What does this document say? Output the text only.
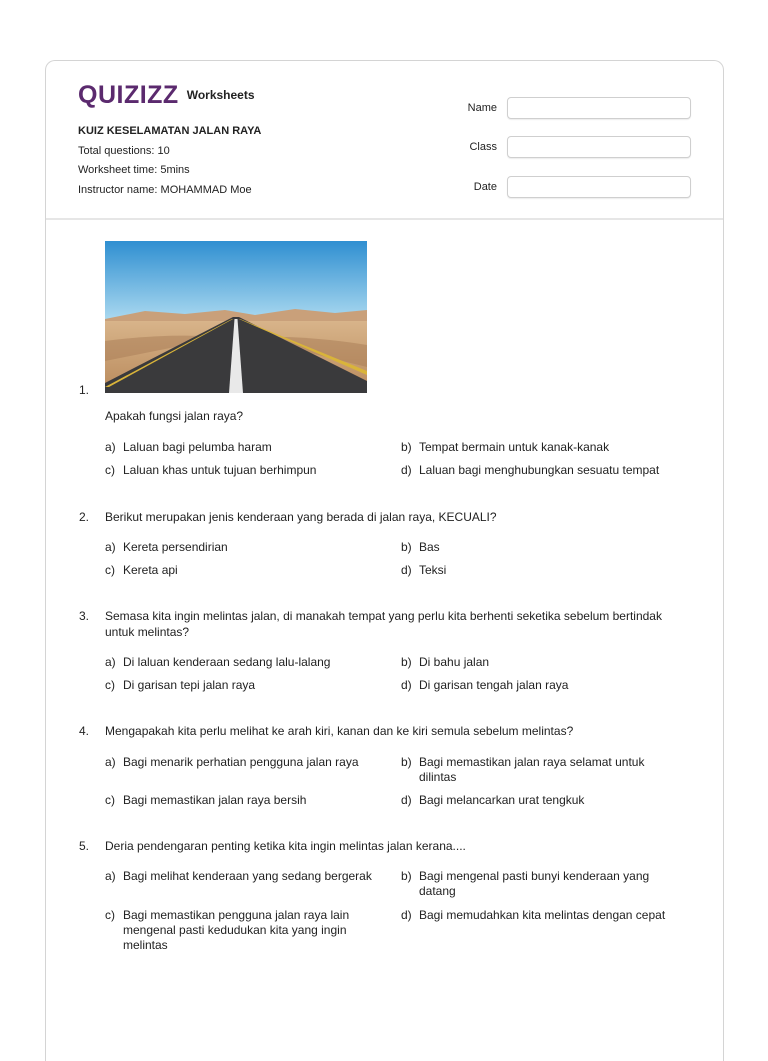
QUIZIZZ Worksheets
KUIZ KESELAMATAN JALAN RAYA
Total questions: 10
Worksheet time: 5mins
Instructor name: MOHAMMAD Moe
Name
Class
Date
1.
Apakah fungsi jalan raya?
a) Laluan bagi pelumba haram	b) Tempat bermain untuk kanak-kanak
c) Laluan khas untuk tujuan berhimpun	d) Laluan bagi menghubungkan sesuatu tempat
2. Berikut merupakan jenis kenderaan yang berada di jalan raya, KECUALI?
a) Kereta persendirian	b) Bas
c) Kereta api	d) Teksi
3. Semasa kita ingin melintas jalan, di manakah tempat yang perlu kita berhenti seketika sebelum bertindak
untuk melintas?
a) Di laluan kenderaan sedang lalu-lalang	b) Di bahu jalan
c) Di garisan tepi jalan raya	d) Di garisan tengah jalan raya
4. Mengapakah kita perlu melihat ke arah kiri, kanan dan ke kiri semula sebelum melintas?
a) Bagi menarik perhatian pengguna jalan raya	b) Bagi memastikan jalan raya selamat untuk
dilintas
c) Bagi memastikan jalan raya bersih	d) Bagi melancarkan urat tengkuk
5. Deria pendengaran penting ketika kita ingin melintas jalan kerana....
a) Bagi melihat kenderaan yang sedang bergerak b) Bagi mengenal pasti bunyi kenderaan yang
datang
c) Bagi memastikan pengguna jalan raya lain
mengenal pasti kedudukan kita yang ingin
melintas
d) Bagi memudahkan kita melintas dengan cepat
